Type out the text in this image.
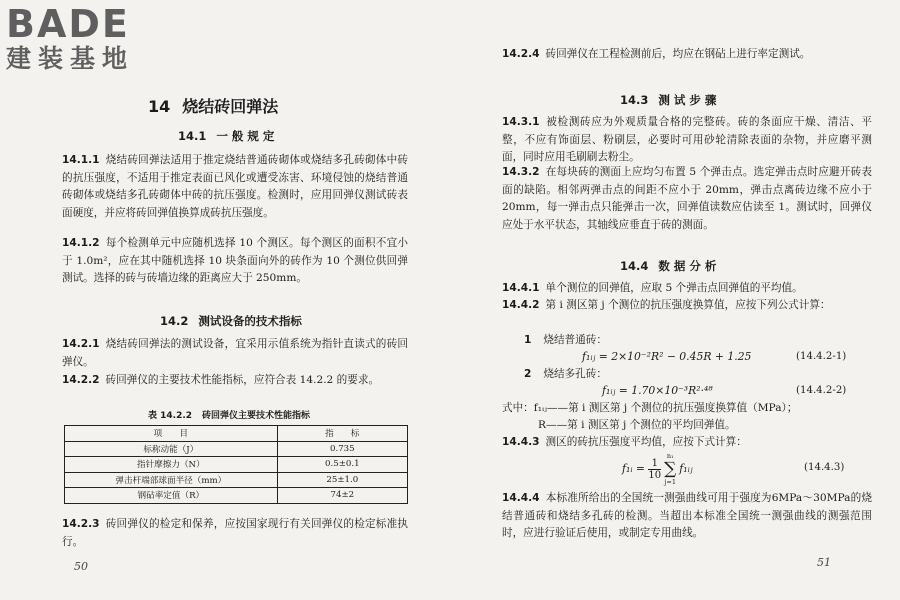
BADE
建装基地
14 烧结砖回弹法
14.1 一 般 规 定
14.1.1 烧结砖回弹法适用于推定烧结普通砖砌体或烧结多孔砖砌体中砖的抗压强度，不适用于推定表面已风化或遭受冻害、环境侵蚀的烧结普通砖砌体或烧结多孔砖砌体中砖的抗压强度。检测时，应用回弹仪测试砖表面硬度，并应将砖回弹值换算成砖抗压强度。
14.1.2 每个检测单元中应随机选择 10 个测区。每个测区的面积不宜小于 1.0m²，应在其中随机选择 10 块条面向外的砖作为 10 个测位供回弹测试。选择的砖与砖墙边缘的距离应大于 250mm。
14.2 测试设备的技术指标
14.2.1 烧结砖回弹法的测试设备，宜采用示值系统为指针直读式的砖回弹仪。
14.2.2 砖回弹仪的主要技术性能指标，应符合表 14.2.2 的要求。
表 14.2.2 砖回弹仪主要技术性能指标
项　　目	指　　标
标称动能（J）	0.735
指针摩擦力（N）	0.5±0.1
弹击杆端部球面半径（mm）	25±1.0
钢砧率定值（R）	74±2
14.2.3 砖回弹仪的检定和保养，应按国家现行有关回弹仪的检定标准执行。
50
14.2.4 砖回弹仪在工程检测前后，均应在钢砧上进行率定测试。
14.3 测 试 步 骤
14.3.1 被检测砖应为外观质量合格的完整砖。砖的条面应干燥、清洁、平整，不应有饰面层、粉刷层，必要时可用砂轮清除表面的杂物，并应磨平测面，同时应用毛刷刷去粉尘。
14.3.2 在每块砖的测面上应均匀布置 5 个弹击点。选定弹击点时应避开砖表面的缺陷。相邻两弹击点的间距不应小于 20mm，弹击点离砖边缘不应小于 20mm，每一弹击点只能弹击一次，回弹值读数应估读至 1。测试时，回弹仪应处于水平状态，其轴线应垂直于砖的测面。
14.4 数 据 分 析
14.4.1 单个测位的回弹值，应取 5 个弹击点回弹值的平均值。
14.4.2 第 i 测区第 j 个测位的抗压强度换算值，应按下列公式计算：
1 烧结普通砖：
f₁ᵢⱼ = 2×10⁻²R² − 0.45R + 1.25	(14.4.2-1)
2 烧结多孔砖：
f₁ᵢⱼ = 1.70×10⁻³R²·⁴⁸	(14.4.2-2)
式中：f₁ᵢⱼ——第 i 测区第 j 个测位的抗压强度换算值（MPa）；
R——第 i 测区第 j 个测位的平均回弹值。
14.4.3 测区的砖抗压强度平均值，应按下式计算：
f₁ᵢ = $\frac{1}{10}$
n₁
∑
j=1
f₁ᵢⱼ	(14.4.3)
14.4.4 本标准所给出的全国统一测强曲线可用于强度为6MPa～30MPa的烧结普通砖和烧结多孔砖的检测。当超出本标准全国统一测强曲线的测强范围时，应进行验证后使用，或制定专用曲线。
51
